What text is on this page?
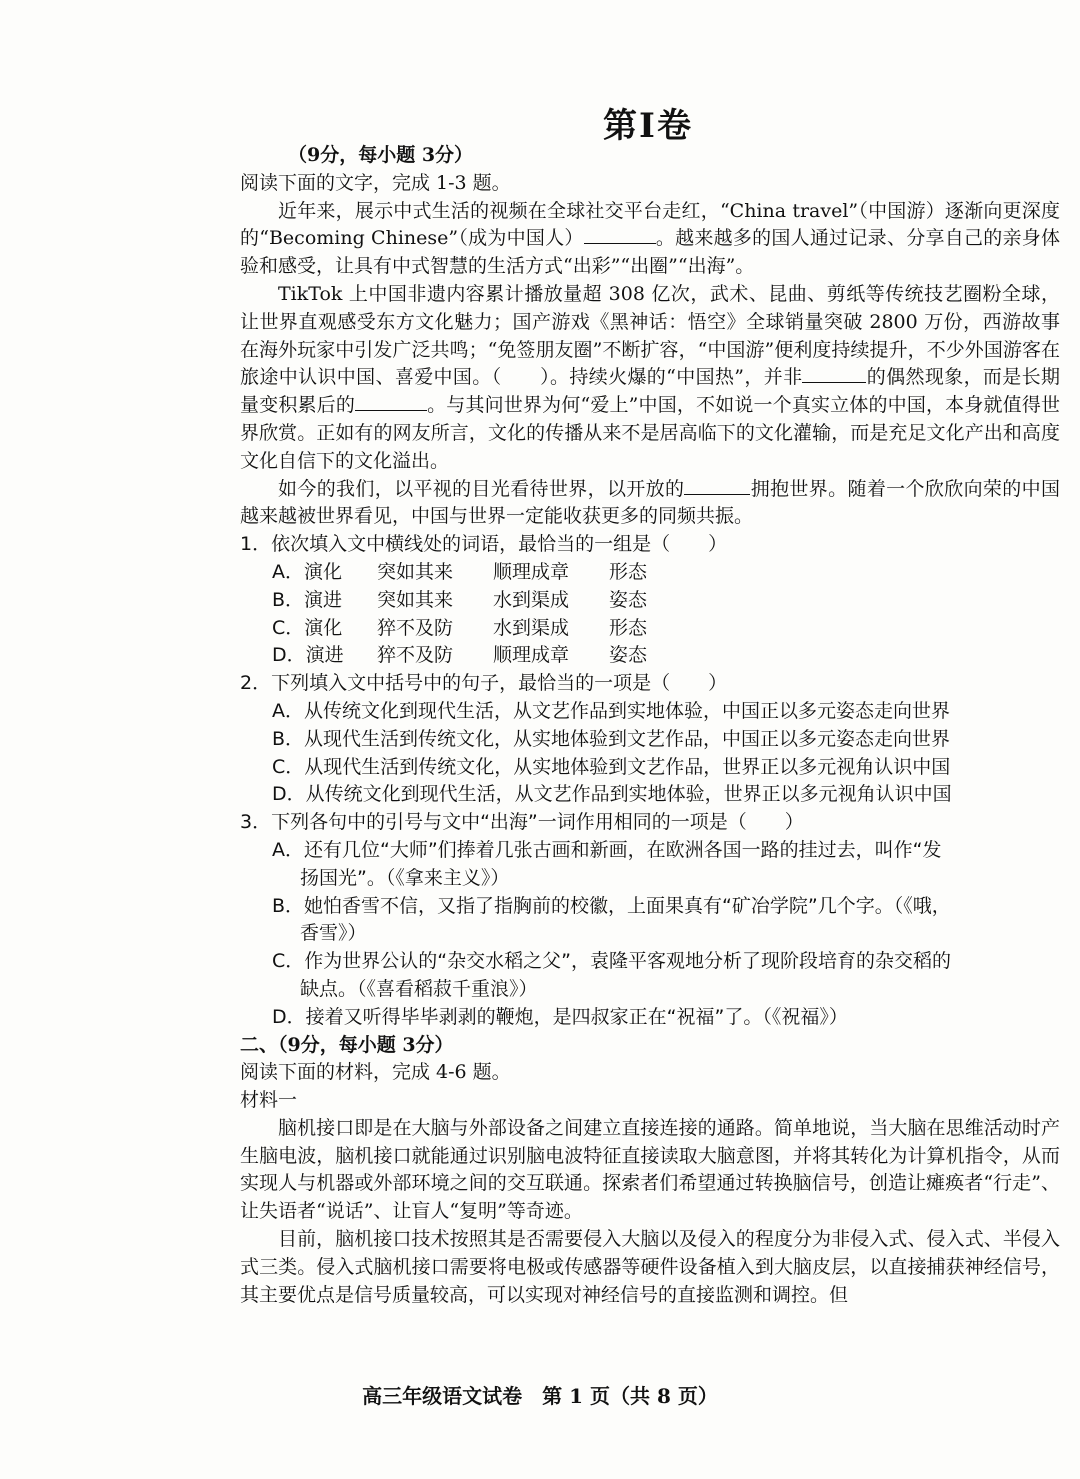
第Ⅰ卷

（9分，每小题 3分）

阅读下面的文字，完成 1-3 题。

近年来，展示中式生活的视频在全球社交平台走红，“China travel”（中国游）逐渐向更深度的“Becoming Chinese”（成为中国人）	。越来越多的国人通过记录、分享自己的亲身体验和感受，让具有中式智慧的生活方式“出彩”“出圈”“出海”。

TikTok 上中国非遗内容累计播放量超 308 亿次，武术、昆曲、剪纸等传统技艺圈粉全球，让世界直观感受东方文化魅力；国产游戏《黑神话：悟空》全球销量突破 2800 万份，西游故事在海外玩家中引发广泛共鸣；“免签朋友圈”不断扩容，“中国游”便利度持续提升，不少外国游客在旅途中认识中国、喜爱中国。（　　）。持续火爆的“中国热”，并非	的偶然现象，而是长期量变积累后的	。与其问世界为何“爱上”中国，不如说一个真实立体的中国，本身就值得世界欣赏。正如有的网友所言，文化的传播从来不是居高临下的文化灌输，而是充足文化产出和高度文化自信下的文化溢出。

如今的我们，以平视的目光看待世界，以开放的	拥抱世界。随着一个欣欣向荣的中国越来越被世界看见，中国与世界一定能收获更多的同频共振。

1．依次填入文中横线处的词语，最恰当的一组是（　　）

A．演化	突如其来	顺理成章	形态
B．演进	突如其来	水到渠成	姿态
C．演化	猝不及防	水到渠成	形态
D．演进	猝不及防	顺理成章	姿态

2．下列填入文中括号中的句子，最恰当的一项是（　　）

A．从传统文化到现代生活，从文艺作品到实地体验，中国正以多元姿态走向世界

B．从现代生活到传统文化，从实地体验到文艺作品，中国正以多元姿态走向世界

C．从现代生活到传统文化，从实地体验到文艺作品，世界正以多元视角认识中国

D．从传统文化到现代生活，从文艺作品到实地体验，世界正以多元视角认识中国

3．下列各句中的引号与文中“出海”一词作用相同的一项是（　　）

A．还有几位“大师”们捧着几张古画和新画，在欧洲各国一路的挂过去，叫作“发
扬国光”。（《拿来主义》）

B．她怕香雪不信，又指了指胸前的校徽，上面果真有“矿冶学院”几个字。（《哦，
香雪》）

C．作为世界公认的“杂交水稻之父”，袁隆平客观地分析了现阶段培育的杂交稻的
缺点。（《喜看稻菽千重浪》）

D．接着又听得毕毕剥剥的鞭炮，是四叔家正在“祝福”了。（《祝福》）

二、（9分，每小题 3分）

阅读下面的材料，完成 4-6 题。

材料一

脑机接口即是在大脑与外部设备之间建立直接连接的通路。简单地说，当大脑在思维活动时产生脑电波，脑机接口就能通过识别脑电波特征直接读取大脑意图，并将其转化为计算机指令，从而实现人与机器或外部环境之间的交互联通。探索者们希望通过转换脑信号，创造让瘫痪者“行走”、让失语者“说话”、让盲人“复明”等奇迹。

目前，脑机接口技术按照其是否需要侵入大脑以及侵入的程度分为非侵入式、侵入式、半侵入式三类。侵入式脑机接口需要将电极或传感器等硬件设备植入到大脑皮层，以直接捕获神经信号，其主要优点是信号质量较高，可以实现对神经信号的直接监测和调控。但

高三年级语文试卷　第 1 页（共 8 页）
